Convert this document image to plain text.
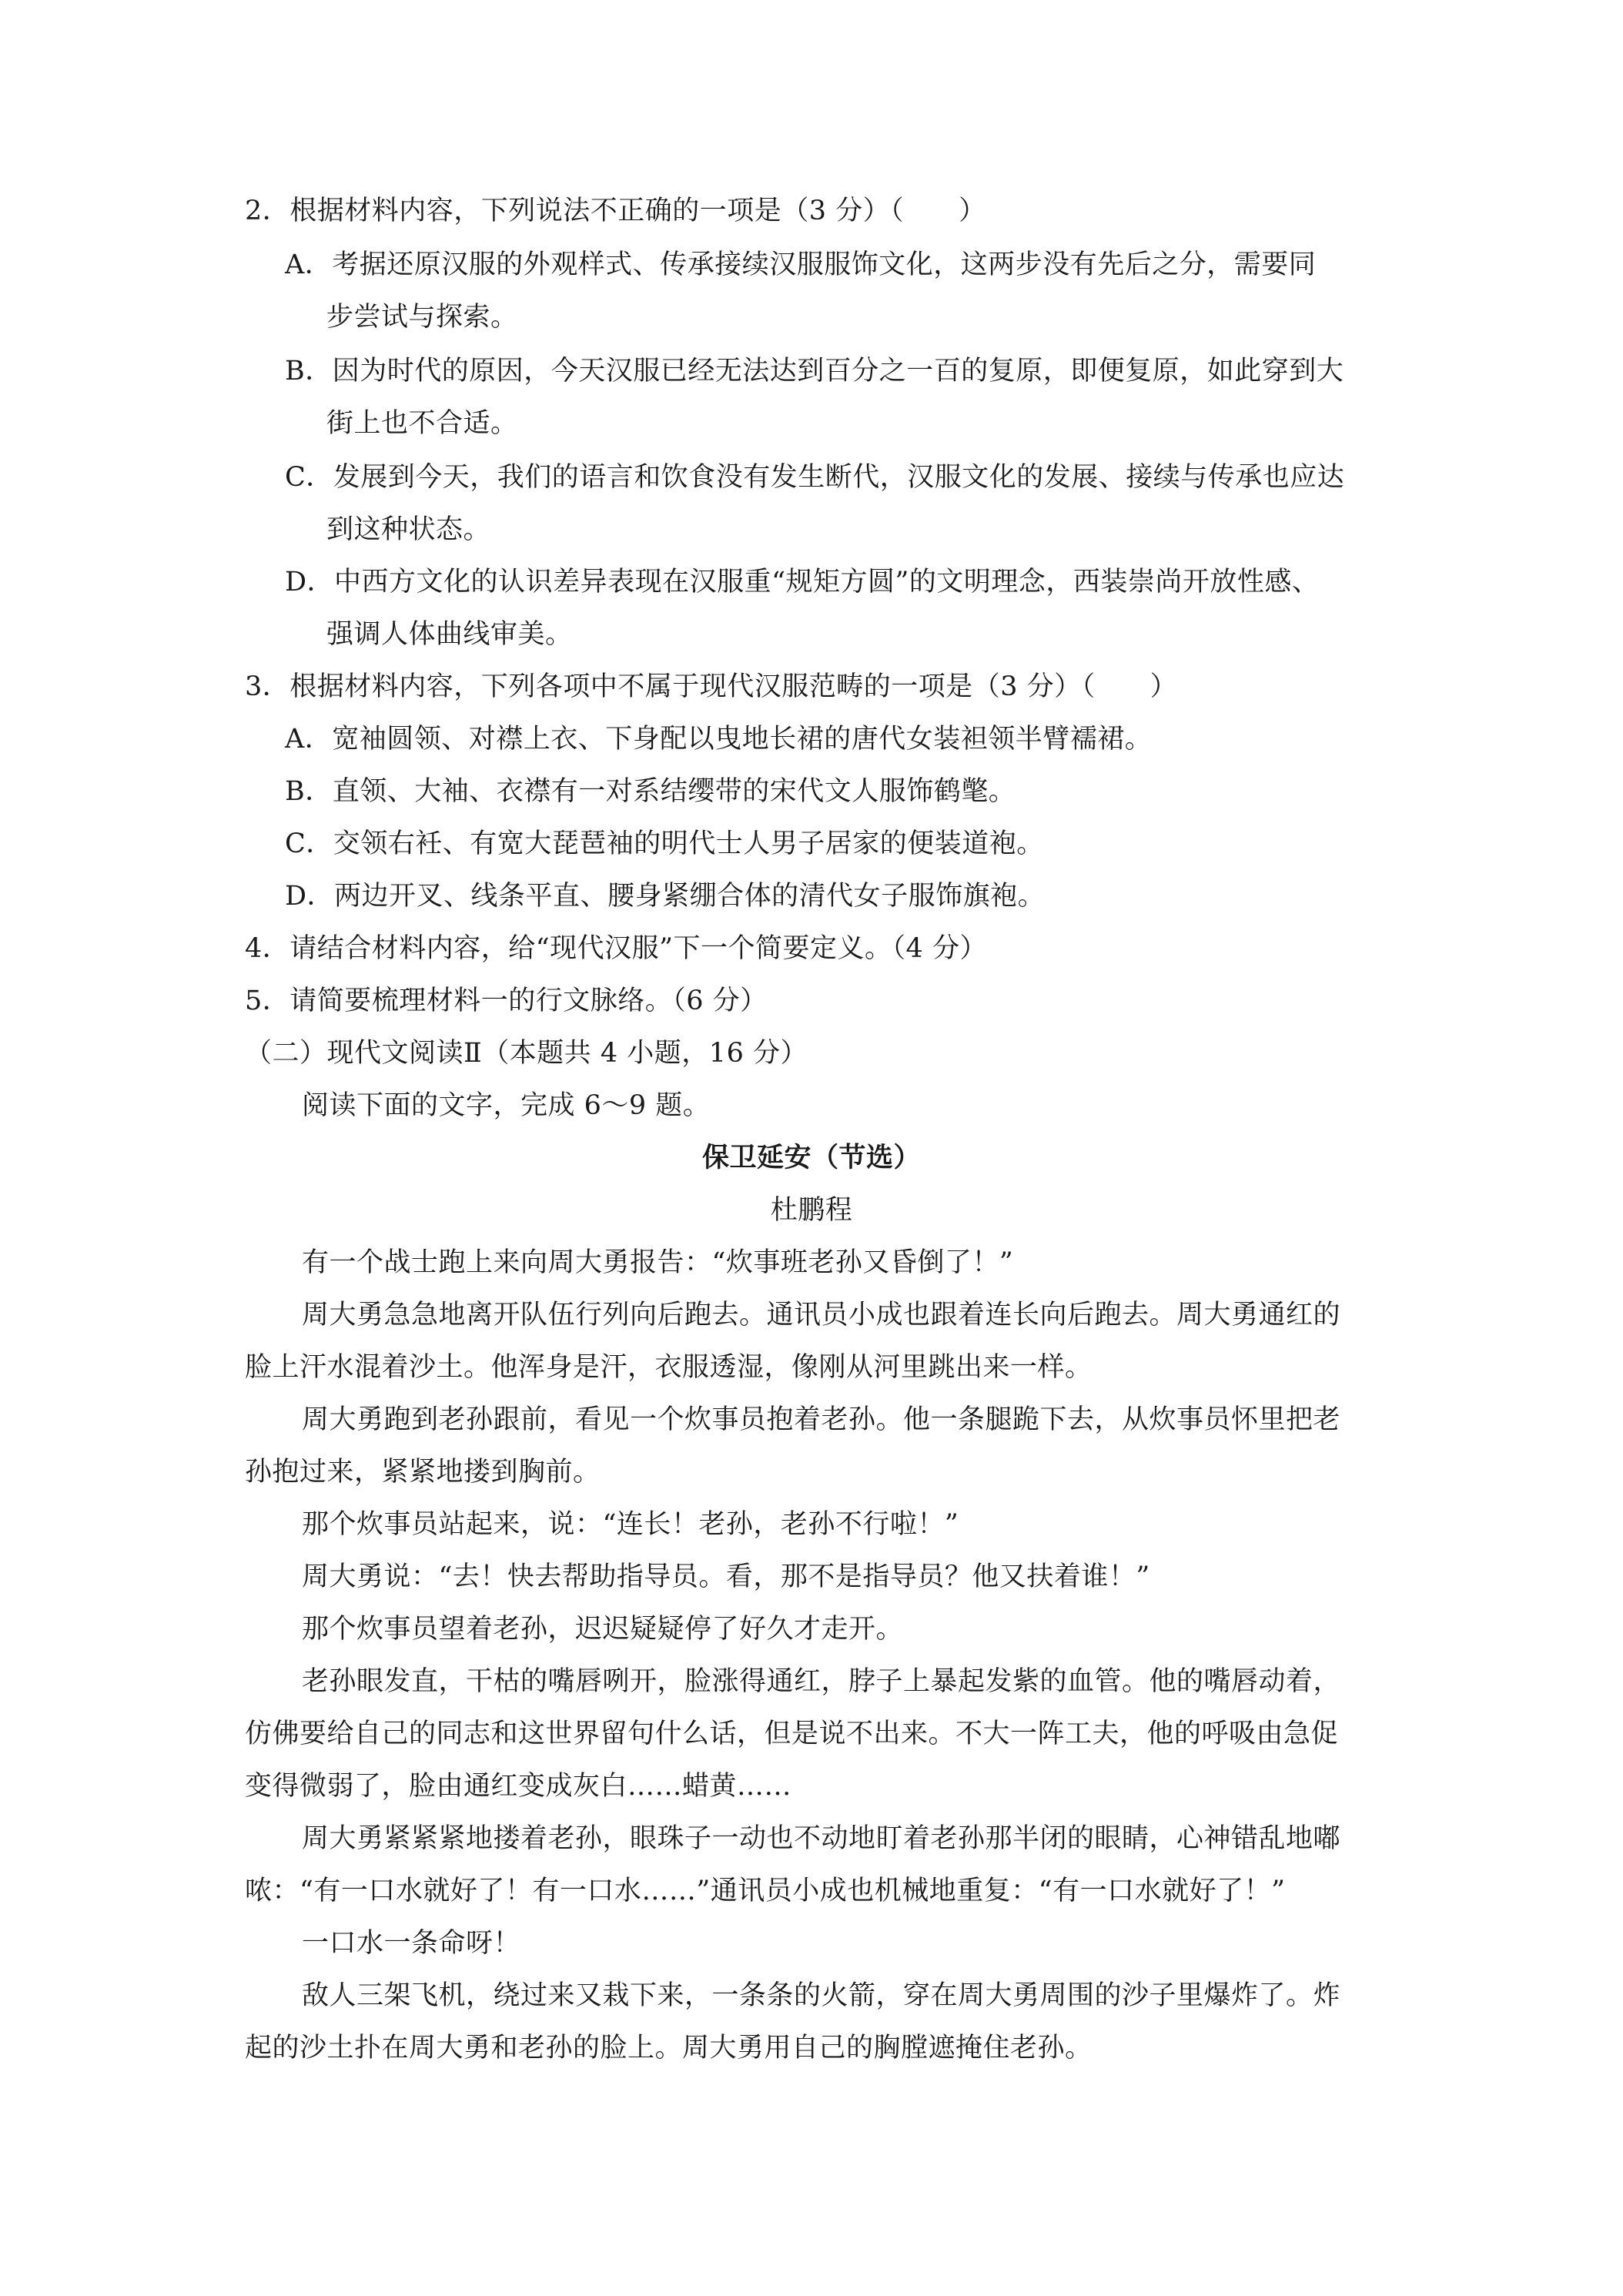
2．根据材料内容，下列说法不正确的一项是（3 分）（　　）
A．考据还原汉服的外观样式、传承接续汉服服饰文化，这两步没有先后之分，需要同
步尝试与探索。
B．因为时代的原因，今天汉服已经无法达到百分之一百的复原，即便复原，如此穿到大
街上也不合适。
C．发展到今天，我们的语言和饮食没有发生断代，汉服文化的发展、接续与传承也应达
到这种状态。
D．中西方文化的认识差异表现在汉服重“规矩方圆”的文明理念，西装崇尚开放性感、
强调人体曲线审美。
3．根据材料内容，下列各项中不属于现代汉服范畴的一项是（3 分）（　　）
A．宽袖圆领、对襟上衣、下身配以曳地长裙的唐代女装袒领半臂襦裙。
B．直领、大袖、衣襟有一对系结缨带的宋代文人服饰鹤氅。
C．交领右衽、有宽大琵琶袖的明代士人男子居家的便装道袍。
D．两边开叉、线条平直、腰身紧绷合体的清代女子服饰旗袍。
4．请结合材料内容，给“现代汉服”下一个简要定义。（4 分）
5．请简要梳理材料一的行文脉络。（6 分）
（二）现代文阅读Ⅱ（本题共 4 小题，16 分）
阅读下面的文字，完成 6～9 题。
保卫延安（节选）
杜鹏程
有一个战士跑上来向周大勇报告：“炊事班老孙又昏倒了！”
周大勇急急地离开队伍行列向后跑去。通讯员小成也跟着连长向后跑去。周大勇通红的
脸上汗水混着沙土。他浑身是汗，衣服透湿，像刚从河里跳出来一样。
周大勇跑到老孙跟前，看见一个炊事员抱着老孙。他一条腿跪下去，从炊事员怀里把老
孙抱过来，紧紧地搂到胸前。
那个炊事员站起来，说：“连长！老孙，老孙不行啦！”
周大勇说：“去！快去帮助指导员。看，那不是指导员？他又扶着谁！”
那个炊事员望着老孙，迟迟疑疑停了好久才走开。
老孙眼发直，干枯的嘴唇咧开，脸涨得通红，脖子上暴起发紫的血管。他的嘴唇动着，
仿佛要给自己的同志和这世界留句什么话，但是说不出来。不大一阵工夫，他的呼吸由急促
变得微弱了，脸由通红变成灰白……蜡黄……
周大勇紧紧紧地搂着老孙，眼珠子一动也不动地盯着老孙那半闭的眼睛，心神错乱地嘟
哝：“有一口水就好了！有一口水……”通讯员小成也机械地重复：“有一口水就好了！”
一口水一条命呀！
敌人三架飞机，绕过来又栽下来，一条条的火箭，穿在周大勇周围的沙子里爆炸了。炸
起的沙土扑在周大勇和老孙的脸上。周大勇用自己的胸膛遮掩住老孙。
